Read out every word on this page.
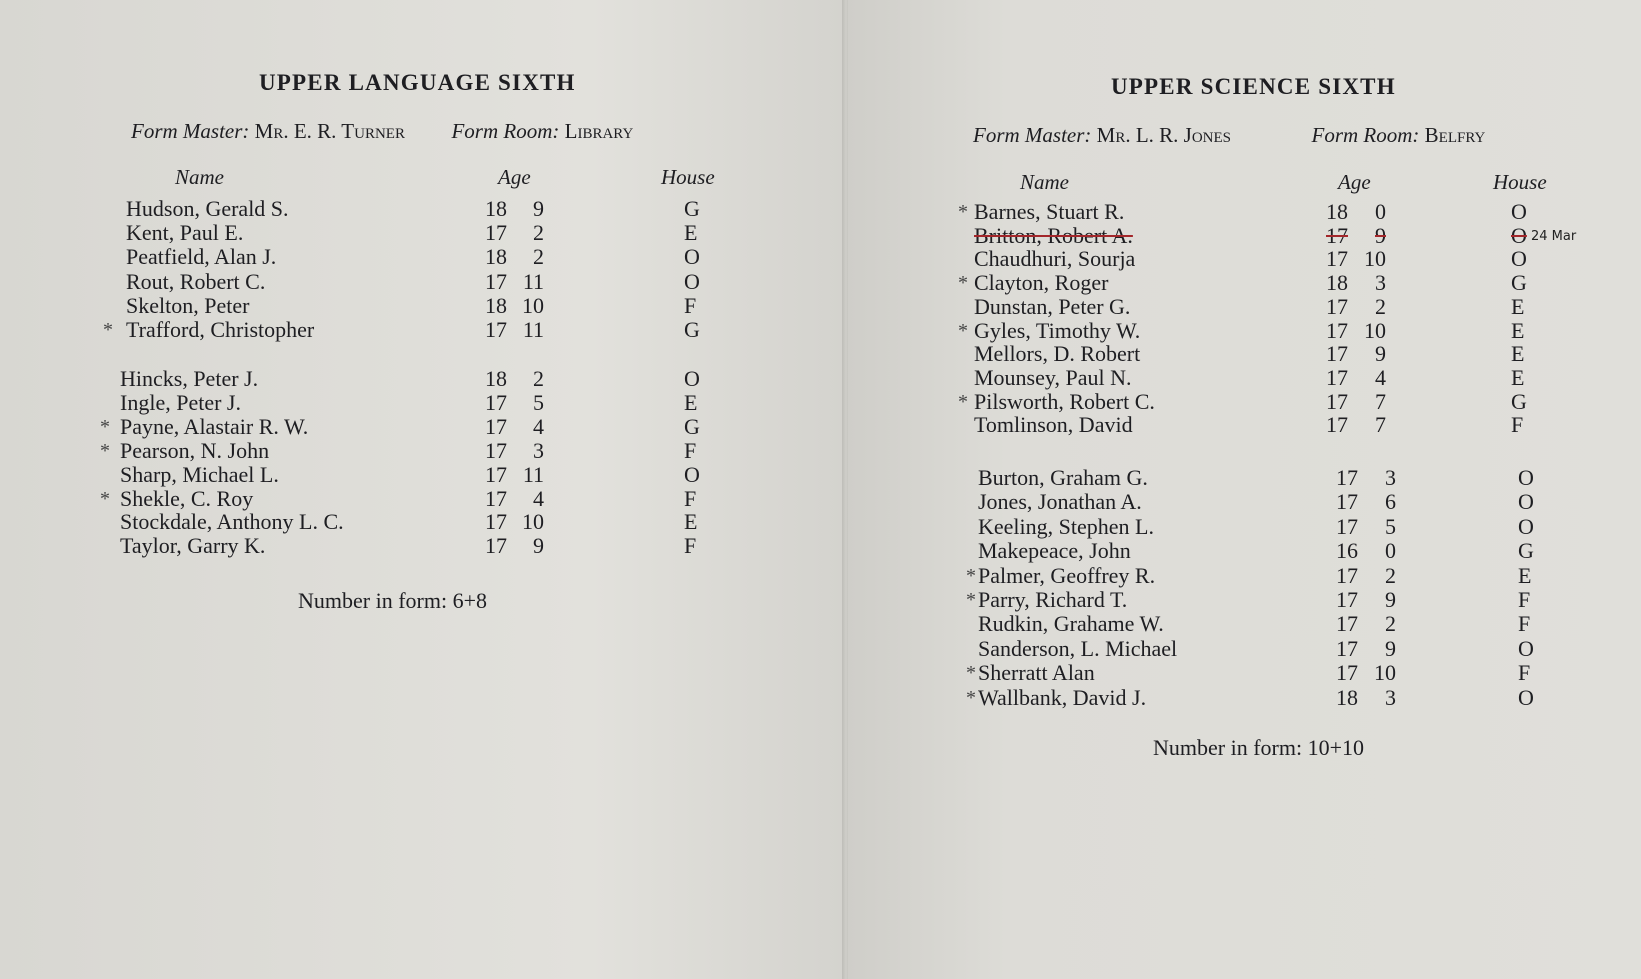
UPPER LANGUAGE SIXTH
Form Master: Mr. E. R. Turner Form Room: Library
Name	Age	House
Hudson, Gerald S.	18	9	G
Kent, Paul E.	17	2	E
Peatfield, Alan J.	18	2	O
Rout, Robert C.	17 11	O
Skelton, Peter	18 10	F
* Trafford, Christopher	17 11	G
Hincks, Peter J.	18	2	O
Ingle, Peter J.	17	5	E
* Payne, Alastair R. W.	17	4	G
* Pearson, N. John	17	3	F
Sharp, Michael L.	17 11	O
* Shekle, C. Roy	17	4	F
Stockdale, Anthony L. C.	17 10	E
Taylor, Garry K.	17	9	F
Number in form: 6+8
UPPER SCIENCE SIXTH
Form Master: Mr. L. R. Jones	Form Room: Belfry
Name	Age	House
* Barnes, Stuart R.	18	0	O
Britton, Robert A.	17	9	O 24 Mar
Chaudhuri, Sourja	17 10	O
* Clayton, Roger	18	3	G
Dunstan, Peter G.	17	2	E
* Gyles, Timothy W.	17 10	E
Mellors, D. Robert	17	9	E
Mounsey, Paul N.	17	4	E
* Pilsworth, Robert C.	17	7	G
Tomlinson, David	17	7	F
Burton, Graham G.	17	3	O
Jones, Jonathan A.	17	6	O
Keeling, Stephen L.	17	5	O
Makepeace, John	16	0	G
* Palmer, Geoffrey R.	17	2	E
* Parry, Richard T.	17	9	F
Rudkin, Grahame W.	17	2	F
Sanderson, L. Michael	17	9	O
* Sherratt Alan	17 10	F
* Wallbank, David J.	18	3	O
Number in form: 10+10
